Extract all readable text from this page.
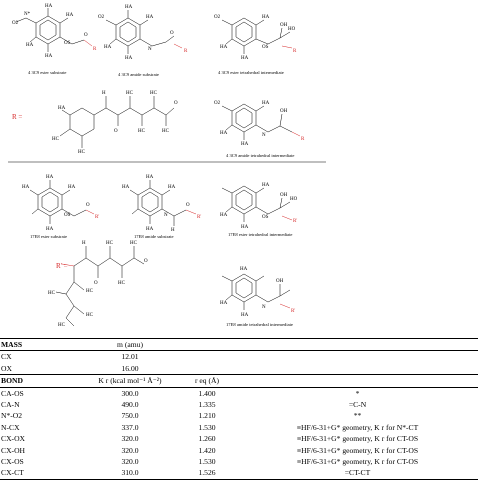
O2
N*
HA
HA
OS
O
R
HA
HA
O2
HA
HA
N
O
R
HA
HA
O2	HA
OS
HO
OH
R
HA
HA
R =
HA
H
O
HC
HC
HC
HC
O
HC
HC
O2	HA
N
OH
R
HA
HA
HA
HA
OS
O
R'
HA
HA
HA
HA
N
O
R'
H
HA
HA
HA
OS
HO
OH
R'
HA
HA
R' =
H
O
HC
HC
HC
O
HC
HC
HC
HC
HA
N
OH
R'
HA
HA
4 3C9 ester substrate	4 3C9 amide substrate	4 3C9 ester tetrahedral intermediate
4 3C9 amide tetrahedral intermediate
17E8 ester substrate	17E8 amide substrate	17E8 ester tetrahedral intermediate
17E8 amide tetrahedral intermediate
MASS	m (amu)		
CX	12.01		
OX	16.00		
BOND	K r (kcal mol⁻¹ Å⁻²)	r eq (Å)	
CA-OS	300.0	1.400	*
CA-N	490.0	1.335	=C-N
N*-O2	750.0	1.210	**
N-CX	337.0	1.530	≡HF/6-31+G* geometry, K r for N*-CT
CX-OX	320.0	1.260	≡HF/6-31+G* geometry, K r for CT-OS
CX-OH	320.0	1.420	≡HF/6-31+G* geometry, K r for CT-OS
CX-OS	320.0	1.530	≡HF/6-31+G* geometry, K r for CT-OS
CX-CT	310.0	1.526	=CT-CT
